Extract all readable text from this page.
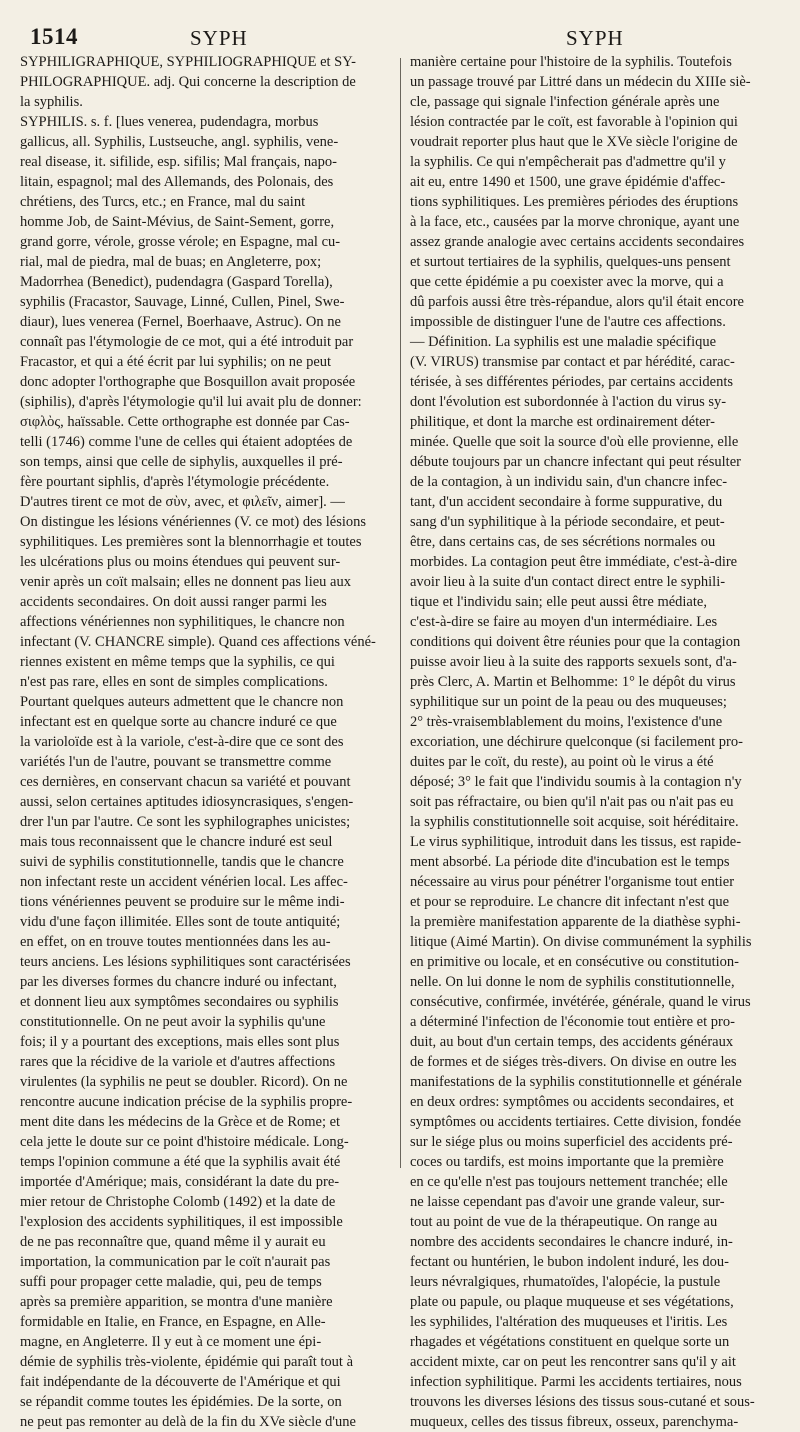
1514	SYPH	SYPH
SYPHILIGRAPHIQUE, SYPHILIOGRAPHIQUE et SY-
PHILOGRAPHIQUE. adj. Qui concerne la description de
la syphilis.
SYPHILIS. s. f. [lues venerea, pudendagra, morbus
gallicus, all. Syphilis, Lustseuche, angl. syphilis, vene-
real disease, it. sifilide, esp. sifilis; Mal français, napo-
litain, espagnol; mal des Allemands, des Polonais, des
chrétiens, des Turcs, etc.; en France, mal du saint
homme Job, de Saint-Mévius, de Saint-Sement, gorre,
grand gorre, vérole, grosse vérole; en Espagne, mal cu-
rial, mal de piedra, mal de buas; en Angleterre, pox;
Madorrhea (Benedict), pudendagra (Gaspard Torella),
syphilis (Fracastor, Sauvage, Linné, Cullen, Pinel, Swe-
diaur), lues venerea (Fernel, Boerhaave, Astruc). On ne
connaît pas l'étymologie de ce mot, qui a été introduit par
Fracastor, et qui a été écrit par lui syphilis; on ne peut
donc adopter l'orthographe que Bosquillon avait proposée
(siphilis), d'après l'étymologie qu'il lui avait plu de donner:
σιφλὸς, haïssable. Cette orthographe est donnée par Cas-
telli (1746) comme l'une de celles qui étaient adoptées de
son temps, ainsi que celle de siphylis, auxquelles il pré-
fère pourtant siphlis, d'après l'étymologie précédente.
D'autres tirent ce mot de σὺν, avec, et φιλεῖν, aimer]. —
On distingue les lésions vénériennes (V. ce mot) des lésions
syphilitiques. Les premières sont la blennorrhagie et toutes
les ulcérations plus ou moins étendues qui peuvent sur-
venir après un coït malsain; elles ne donnent pas lieu aux
accidents secondaires. On doit aussi ranger parmi les
affections vénériennes non syphilitiques, le chancre non
infectant (V. CHANCRE simple). Quand ces affections véné-
riennes existent en même temps que la syphilis, ce qui
n'est pas rare, elles en sont de simples complications.
Pourtant quelques auteurs admettent que le chancre non
infectant est en quelque sorte au chancre induré ce que
la varioloïde est à la variole, c'est-à-dire que ce sont des
variétés l'un de l'autre, pouvant se transmettre comme
ces dernières, en conservant chacun sa variété et pouvant
aussi, selon certaines aptitudes idiosyncrasiques, s'engen-
drer l'un par l'autre. Ce sont les syphilographes unicistes;
mais tous reconnaissent que le chancre induré est seul
suivi de syphilis constitutionnelle, tandis que le chancre
non infectant reste un accident vénérien local. Les affec-
tions vénériennes peuvent se produire sur le même indi-
vidu d'une façon illimitée. Elles sont de toute antiquité;
en effet, on en trouve toutes mentionnées dans les au-
teurs anciens. Les lésions syphilitiques sont caractérisées
par les diverses formes du chancre induré ou infectant,
et donnent lieu aux symptômes secondaires ou syphilis
constitutionnelle. On ne peut avoir la syphilis qu'une
fois; il y a pourtant des exceptions, mais elles sont plus
rares que la récidive de la variole et d'autres affections
virulentes (la syphilis ne peut se doubler. Ricord). On ne
rencontre aucune indication précise de la syphilis propre-
ment dite dans les médecins de la Grèce et de Rome; et
cela jette le doute sur ce point d'histoire médicale. Long-
temps l'opinion commune a été que la syphilis avait été
importée d'Amérique; mais, considérant la date du pre-
mier retour de Christophe Colomb (1492) et la date de
l'explosion des accidents syphilitiques, il est impossible
de ne pas reconnaître que, quand même il y aurait eu
importation, la communication par le coït n'aurait pas
suffi pour propager cette maladie, qui, peu de temps
après sa première apparition, se montra d'une manière
formidable en Italie, en France, en Espagne, en Alle-
magne, en Angleterre. Il y eut à ce moment une épi-
démie de syphilis très-violente, épidémie qui paraît tout à
fait indépendante de la découverte de l'Amérique et qui
se répandit comme toutes les épidémies. De la sorte, on
ne peut pas remonter au delà de la fin du XVe siècle d'une
manière certaine pour l'histoire de la syphilis. Toutefois
un passage trouvé par Littré dans un médecin du XIIIe siè-
cle, passage qui signale l'infection générale après une
lésion contractée par le coït, est favorable à l'opinion qui
voudrait reporter plus haut que le XVe siècle l'origine de
la syphilis. Ce qui n'empêcherait pas d'admettre qu'il y
ait eu, entre 1490 et 1500, une grave épidémie d'affec-
tions syphilitiques. Les premières périodes des éruptions
à la face, etc., causées par la morve chronique, ayant une
assez grande analogie avec certains accidents secondaires
et surtout tertiaires de la syphilis, quelques-uns pensent
que cette épidémie a pu coexister avec la morve, qui a
dû parfois aussi être très-répandue, alors qu'il était encore
impossible de distinguer l'une de l'autre ces affections.
— Définition. La syphilis est une maladie spécifique
(V. VIRUS) transmise par contact et par hérédité, carac-
térisée, à ses différentes périodes, par certains accidents
dont l'évolution est subordonnée à l'action du virus sy-
philitique, et dont la marche est ordinairement déter-
minée. Quelle que soit la source d'où elle provienne, elle
débute toujours par un chancre infectant qui peut résulter
de la contagion, à un individu sain, d'un chancre infec-
tant, d'un accident secondaire à forme suppurative, du
sang d'un syphilitique à la période secondaire, et peut-
être, dans certains cas, de ses sécrétions normales ou
morbides. La contagion peut être immédiate, c'est-à-dire
avoir lieu à la suite d'un contact direct entre le syphili-
tique et l'individu sain; elle peut aussi être médiate,
c'est-à-dire se faire au moyen d'un intermédiaire. Les
conditions qui doivent être réunies pour que la contagion
puisse avoir lieu à la suite des rapports sexuels sont, d'a-
près Clerc, A. Martin et Belhomme: 1° le dépôt du virus
syphilitique sur un point de la peau ou des muqueuses;
2° très-vraisemblablement du moins, l'existence d'une
excoriation, une déchirure quelconque (si facilement pro-
duites par le coït, du reste), au point où le virus a été
déposé; 3° le fait que l'individu soumis à la contagion n'y
soit pas réfractaire, ou bien qu'il n'ait pas ou n'ait pas eu
la syphilis constitutionnelle soit acquise, soit héréditaire.
Le virus syphilitique, introduit dans les tissus, est rapide-
ment absorbé. La période dite d'incubation est le temps
nécessaire au virus pour pénétrer l'organisme tout entier
et pour se reproduire. Le chancre dit infectant n'est que
la première manifestation apparente de la diathèse syphi-
litique (Aimé Martin). On divise communément la syphilis
en primitive ou locale, et en consécutive ou constitution-
nelle. On lui donne le nom de syphilis constitutionnelle,
consécutive, confirmée, invétérée, générale, quand le virus
a déterminé l'infection de l'économie tout entière et pro-
duit, au bout d'un certain temps, des accidents généraux
de formes et de siéges très-divers. On divise en outre les
manifestations de la syphilis constitutionnelle et générale
en deux ordres: symptômes ou accidents secondaires, et
symptômes ou accidents tertiaires. Cette division, fondée
sur le siége plus ou moins superficiel des accidents pré-
coces ou tardifs, est moins importante que la première
en ce qu'elle n'est pas toujours nettement tranchée; elle
ne laisse cependant pas d'avoir une grande valeur, sur-
tout au point de vue de la thérapeutique. On range au
nombre des accidents secondaires le chancre induré, in-
fectant ou huntérien, le bubon indolent induré, les dou-
leurs névralgiques, rhumatoïdes, l'alopécie, la pustule
plate ou papule, ou plaque muqueuse et ses végétations,
les syphilides, l'altération des muqueuses et l'iritis. Les
rhagades et végétations constituent en quelque sorte un
accident mixte, car on peut les rencontrer sans qu'il y ait
infection syphilitique. Parmi les accidents tertiaires, nous
trouvons les diverses lésions des tissus sous-cutané et sous-
muqueux, celles des tissus fibreux, osseux, parenchyma-
